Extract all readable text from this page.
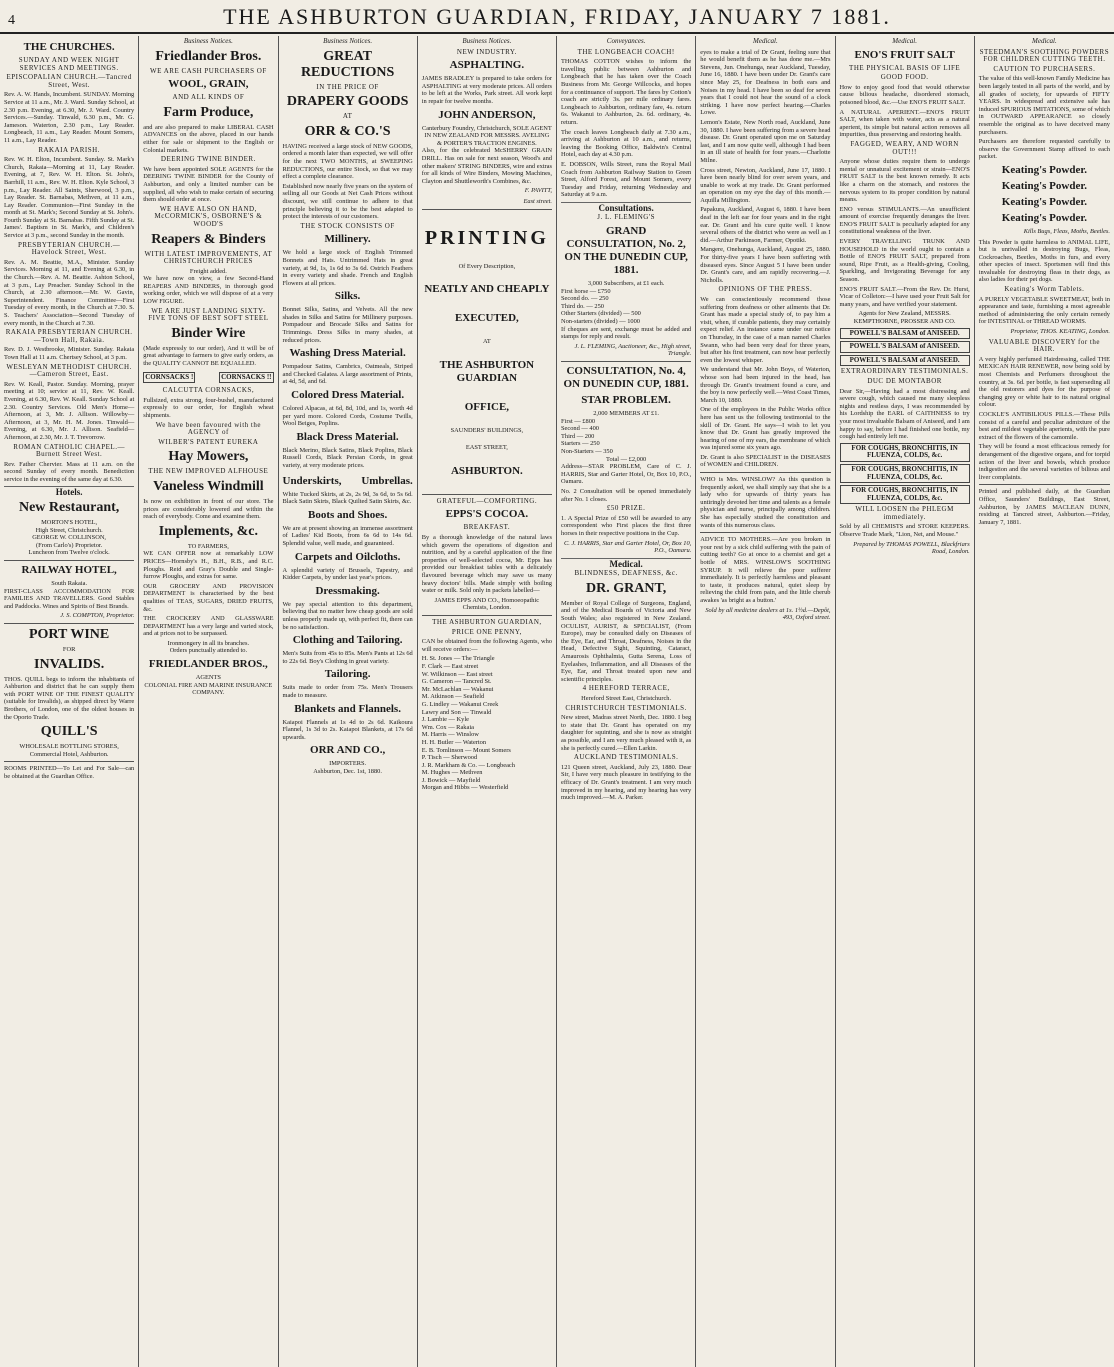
4	THE ASHBURTON GUARDIAN, FRIDAY, JANUARY 7 1881.
THE CHURCHES.
SUNDAY AND WEEK NIGHT SERVICES AND MEETINGS.
EPISCOPALIAN CHURCH.—Tancred Street, West.

Rev. A. W. Hands, Incumbent. SUNDAY. Morning Service at 11 a.m., Mr. J. Ward. Sunday School, at 2.30 p.m. Evening, at 6.30, Mr. J. Ward. Country Services.—Sunday. Tinwald, 6.30 p.m., Mr. G. Jameson. Waterton, 2.30 p.m., Lay Reader. Longbeach, 11 a.m., Lay Reader. Mount Somers, 11 a.m., Lay Reader.

RAKAIA PARISH.

Rev. W. H. Elton, Incumbent. Sunday. St. Mark's Church, Rakaia—Morning at 11, Lay Reader. Evening, at 7, Rev. W. H. Elton. St. John's, Barrhill, 11 a.m., Rev. W. H. Elton. Kyle School, 3 p.m., Lay Reader. All Saints, Sherwood, 3 p.m., Lay Reader. St. Barnabas, Methven, at 11 a.m., Lay Reader. Communion—First Sunday in the month at St. Mark's; Second Sunday at St. John's. Fourth Sunday at St. Barnabas. Fifth Sunday at St. James'. Baptism in St. Mark's, and Children's Service at 3 p.m., second Sunday in the month.

PRESBYTERIAN CHURCH.—Havelock Street, West.

Rev. A. M. Beattie, M.A., Minister. Sunday Services. Morning at 11, and Evening at 6.30, in the Church.—Rev. A. M. Beattie. Ashton School, at 3 p.m., Lay Preacher. Sunday School in the Church, at 2.30 afternoon.—Mr. W. Gavin, Superintendent. Finance Committee—First Tuesday of every month, in the Church at 7.30. S. S. Teachers' Association—Second Tuesday of every month, in the Church at 7.30.

RAKAIA PRESBYTERIAN CHURCH.—Town Hall, Rakaia.

Rev. D. J. Westbrooke, Minister. Sunday. Rakaia Town Hall at 11 a.m. Chertsey School, at 3 p.m.

WESLEYAN METHODIST CHURCH.—Cameron Street, East.

Rev. W. Keall, Pastor. Sunday. Morning, prayer meeting at 10; service at 11, Rev. W. Keall. Evening, at 6.30, Rev. W. Keall. Sunday School at 2.30. Country Services. Old Men's Home—Afternoon, at 3, Mr. J. Allison. Willowby—Afternoon, at 3, Mr. H. M. Jones. Tinwald—Evening, at 6.30, Mr. J. Allison. Seafield—Afternoon, at 2.30, Mr. J. T. Trevorrow.

ROMAN CATHOLIC CHAPEL.—Burnett Street West.

Rev. Father Chervier. Mass at 11 a.m. on the second Sunday of every month. Benediction service in the evening of the same day at 6.30.

Hotels.
New Restaurant,
MORTON'S HOTEL,
High Street, Christchurch.
GEORGE W. COLLINSON,
(From Carlo's) Proprietor.
Luncheon from Twelve o'clock.
RAILWAY HOTEL,
South Rakaia.

FIRST-CLASS ACCOMMODATION FOR FAMILIES AND TRAVELLERS. Good Stables and Paddocks. Wines and Spirits of Best Brands.

J. S. COMPTON, Proprietor.
PORT WINE
FOR
INVALIDS.

THOS. QUILL begs to inform the inhabitants of Ashburton and district that he can supply them with PORT WINE OF THE FINEST QUALITY (suitable for Invalids), as shipped direct by Warre Brothers, of London, one of the oldest houses in the Oporto Trade.

QUILL'S
WHOLESALE BOTTLING STORES, Commercial Hotel, Ashburton.

ROOMS PRINTED—To Let and For Sale—can be obtained at the Guardian Office.

Business Notices.
Friedlander Bros.
WE ARE CASH PURCHASERS OF
WOOL, GRAIN,
AND ALL KINDS OF
Farm Produce,

and are also prepared to make LIBERAL CASH ADVANCES on the above, placed in our hands either for sale or shipment to the English or Colonial markets.

DEERING TWINE BINDER.

We have been appointed SOLE AGENTS for the DEERING TWINE BINDER for the County of Ashburton, and only a limited number can be supplied, all who wish to make certain of securing them should order at once.

WE HAVE ALSO ON HAND, McCORMICK'S, OSBORNE'S & WOOD'S
Reapers & Binders
WITH LATEST IMPROVEMENTS, AT CHRISTCHURCH PRICES
Freight added.

We have now on view, a few Second-Hand REAPERS AND BINDERS, in thorough good working order, which we will dispose of at a very LOW FIGURE.

WE ARE JUST LANDING SIXTY-FIVE TONS OF BEST SOFT STEEL
Binder Wire

(Made expressly to our order), And it will be of great advantage to farmers to give early orders, as the QUALITY CANNOT BE EQUALLED.

CORNSACKS !	CORNSACKS !!
CALCUTTA CORNSACKS,

Fullsized, extra strong, four-bushel, manufactured expressly to our order, for English wheat shipments.

We have been favoured with the AGENCY of
WILBER'S PATENT EUREKA
Hay Mowers,
THE NEW IMPROVED ALFHOUSE
Vaneless Windmill

Is now on exhibition in front of our store. The prices are considerably lowered and within the reach of everybody. Come and examine them.

Implements, &c.
TO FARMERS,

WE CAN OFFER now at remarkably LOW PRICES—Hornsby's H., B.H., R.B., and R.C. Ploughs. Reid and Gray's Double and Single-furrow Ploughs, and extras for same.

OUR GROCERY AND PROVISION DEPARTMENT is characterised by the best qualities of TEAS, SUGARS, DRIED FRUITS, &c.

THE CROCKERY AND GLASSWARE DEPARTMENT has a very large and varied stock, and at prices not to be surpassed.

Ironmongery in all its branches.
Orders punctually attended to.
FRIEDLANDER BROS.,
AGENTS
COLONIAL FIRE AND MARINE INSURANCE COMPANY.
Business Notices.
GREAT REDUCTIONS
IN THE PRICE OF
DRAPERY GOODS
AT
ORR & CO.'S

HAVING received a large stock of NEW GOODS, ordered a month later than expected, we will offer for the next TWO MONTHS, at SWEEPING REDUCTIONS, our entire Stock, so that we may effect a complete clearance.

Established now nearly five years on the system of selling all our Goods at Net Cash Prices without discount, we still continue to adhere to that principle believing it to be the best adapted to protect the interests of our customers.

THE STOCK CONSISTS OF
Millinery.

We hold a large stock of English Trimmed Bonnets and Hats. Untrimmed Hats in great variety, at 9d, 1s, 1s 6d to 3s 6d. Ostrich Feathers in every variety and shade. French and English Flowers at all prices.

Silks.

Bonnet Silks, Satins, and Velvets. All the new shades in Silks and Satins for Millinery purposes. Pompadour and Brocade Silks and Satins for Trimmings. Dress Silks in many shades, at reduced prices.

Washing Dress Material.

Pompadour Satins, Cambrics, Oatmeals, Striped and Checked Galatea. A large assortment of Prints, at 4d, 5d, and 6d.

Colored Dress Material.

Colored Alpacas, at 6d, 8d, 10d, and 1s, worth 4d per yard more. Colored Cords, Costume Twills, Wool Beiges, Poplins.

Black Dress Material.

Black Merino, Black Satins, Black Poplins, Black Russell Cords, Black Persian Cords, in great variety, at very moderate prices.

Underskirts, Umbrellas.

White Tucked Skirts, at 2s, 2s 9d, 3s 6d, to 5s 6d. Black Satin Skirts, Black Quilted Satin Skirts, &c.

Boots and Shoes.

We are at present showing an immense assortment of Ladies' Kid Boots, from 6s 6d to 14s 6d. Splendid value, well made, and guaranteed.

Carpets and Oilcloths.

A splendid variety of Brussels, Tapestry, and Kidder Carpets, by under last year's prices.

Dressmaking.

We pay special attention to this department, believing that no matter how cheap goods are sold unless properly made up, with perfect fit, there can be no satisfaction.

Clothing and Tailoring.

Men's Suits from 45s to 85s. Men's Pants at 12s 6d to 22s 6d. Boy's Clothing in great variety.

Tailoring.

Suits made to order from 75s. Men's Trousers made to measure.

Blankets and Flannels.

Kaiapoi Flannels at 1s 4d to 2s 6d. Kaikoura Flannel, 1s 3d to 2s. Kaiapoi Blankets, at 17s 6d upwards.

ORR AND CO.,
IMPORTERS.
Ashburton, Dec. 1st, 1880.
Business Notices.
NEW INDUSTRY.
ASPHALTING.

JAMES BRADLEY is prepared to take orders for ASPHALTING at very moderate prices. All orders to be left at the Works, Park street. All work kept in repair for twelve months.

JOHN ANDERSON,
Canterbury Foundry, Christchurch, SOLE AGENT IN NEW ZEALAND FOR MESSRS. AVELING & PORTER'S TRACTION ENGINES.

Also, for the celebrated McSHERRY GRAIN DRILL. Has on sale for next season, Wood's and other makers' STRING BINDERS, wire and extras for all kinds of Wire Binders, Mowing Machines, Clayton and Shuttleworth's Combines, &c.

F. PAVITT,
East street.
PRINTING
Of Every Description,
NEATLY AND CHEAPLY
EXECUTED,
AT
THE ASHBURTON GUARDIAN
OFFICE,
SAUNDERS' BUILDINGS,
EAST STREET,
ASHBURTON.
GRATEFUL—COMFORTING.
EPPS'S COCOA.
BREAKFAST.

By a thorough knowledge of the natural laws which govern the operations of digestion and nutrition, and by a careful application of the fine properties of well-selected cocoa, Mr. Epps has provided our breakfast tables with a delicately flavoured beverage which may save us many heavy doctors' bills. Made simply with boiling water or milk. Sold only in packets labelled—

JAMES EPPS AND CO., Homoeopathic Chemists, London.
THE ASHBURTON GUARDIAN,
PRICE ONE PENNY,

CAN be obtained from the following Agents, who will receive orders:—

H. St. Jones — The Triangle
F. Clark — East street
W. Wilkinson — East street
G. Cameron — Tancred St.
Mr. McLachlan — Wakanui
M. Atkinson — Seafield
G. Lindley — Wakanui Creek
Lawry and Son — Tinwald
J. Lambie — Kyle
Wm. Cox — Rakaia
M. Harris — Winslow
H. H. Butler — Waterton
E. B. Tomlinson — Mount Somers
P. Tisch — Sherwood
J. R. Markham & Co. — Longbeach
M. Hughes — Methven
J. Bowick — Mayfield
Morgan and Hibbs — Westerfield
Conveyances.
THE LONGBEACH COACH!

THOMAS COTTON wishes to inform the travelling public between Ashburton and Longbeach that he has taken over the Coach Business from Mr. George Willcocks, and hopes for a continuance of support. The fares by Cotton's coach are strictly 3s. per mile ordinary fares. Longbeach to Ashburton, ordinary fare, 4s. return 6s. Wakanui to Ashburton, 2s. 6d. ordinary, 4s. return.

The coach leaves Longbeach daily at 7.30 a.m., arriving at Ashburton at 10 a.m., and returns, leaving the Booking Office, Baldwin's Central Hotel, each day at 4.30 p.m.

E. DOBSON, Wills Street, runs the Royal Mail Coach from Ashburton Railway Station to Green Street, Alford Forest, and Mount Somers, every Tuesday and Friday, returning Wednesday and Saturday at 9 a.m.

Consultations.
J. L. FLEMING'S
GRAND CONSULTATION, No. 2, ON THE DUNEDIN CUP, 1881.
3,000 Subscribers, at £1 each.
First horse — £750
Second do. — 250
Third do. — 250
Other Starters (divided) — 500
Non-starters (divided) — 1000

If cheques are sent, exchange must be added and stamps for reply and result.

J. L. FLEMING, Auctioneer, &c., High street, Triangle.
CONSULTATION, No. 4, ON DUNEDIN CUP, 1881.
STAR PROBLEM.
2,000 MEMBERS AT £1.
First — £800
Second — 400
Third — 200
Starters — 250
Non-Starters — 350
Total — £2,000

Address—STAR PROBLEM, Care of C. J. HARRIS, Star and Garter Hotel, Or, Box 10, P.O., Oamaru.

No. 2 Consultation will be opened immediately after No. 1 closes.

£50 PRIZE.

1. A Special Prize of £50 will be awarded to any correspondent who First places the first three horses in their respective positions in the Cup.

C. J. HARRIS, Star and Garter Hotel, Or, Box 10, P.O., Oamaru.
Medical.
BLINDNESS, DEAFNESS, &c.
DR. GRANT,

Member of Royal College of Surgeons, England, and of the Medical Boards of Victoria and New South Wales; also registered in New Zealand. OCULIST, AURIST, & SPECIALIST, (From Europe), may be consulted daily on Diseases of the Eye, Ear, and Throat, Deafness, Noises in the Head, Defective Sight, Squinting, Cataract, Amaurosis Ophthalmia, Gutta Serena, Loss of Eyelashes, Inflammation, and all Diseases of the Eye, Ear, and Throat treated upon new and scientific principles.

4 HEREFORD TERRACE,
Hereford Street East, Christchurch.
CHRISTCHURCH TESTIMONIALS.

New street, Madras street North, Dec. 1880. I beg to state that Dr. Grant has operated on my daughter for squinting, and she is now as straight as possible, and I am very much pleased with it, as she is perfectly cured.—Ellen Larkin.

AUCKLAND TESTIMONIALS.

121 Queen street, Auckland, July 23, 1880. Dear Sir, I have very much pleasure in testifying to the efficacy of Dr. Grant's treatment. I am very much improved in my hearing, and my hearing has very much improved.—M. A. Parker.

Medical.

eyes to make a trial of Dr Grant, feeling sure that he would benefit them as he has done me.—Mrs Stevens, Jun. Onehunga, near Auckland, Tuesday, June 16, 1880. I have been under Dr. Grant's care since May 25, for Deafness in both ears and Noises in my head. I have been so deaf for seven years that I could not hear the sound of a clock striking. I have now perfect hearing.—Charles Lowe.

Lemon's Estate, New North road, Auckland, June 30, 1880. I have been suffering from a severe head disease. Dr. Grant operated upon me on Saturday last, and I am now quite well, although I had been in an ill state of health for four years.—Charlotte Milne.

Cross street, Newton, Auckland, June 17, 1880. I have been nearly blind for over seven years, and unable to work at my trade. Dr. Grant performed an operation on my eye the day of this month.—Aquilla Millington.

Papakura, Auckland, August 6, 1880. I have been deaf in the left ear for four years and in the right ear. Dr. Grant and his cure quite well. I know several others of the district who were as well as I did.—Arthur Parkinson, Farmer, Opotiki.

Mangere, Onehunga, Auckland, August 25, 1880. For thirty-five years I have been suffering with diseased eyes. Since August 5 I have been under Dr. Grant's care, and am rapidly recovering.—J. Nicholls.

OPINIONS OF THE PRESS.

We can conscientiously recommend those suffering from deafness or other ailments that Dr. Grant has made a special study of, to pay him a visit, when, if curable patients, they may certainly expect relief. An instance came under our notice on Thursday, in the case of a man named Charles Swann, who had been very deaf for three years, but after his first treatment, can now hear perfectly even the lowest whisper.

We understand that Mr. John Boys, of Waterton, whose son had been injured in the head, has through Dr. Grant's treatment found a cure, and the boy is now perfectly well.—West Coast Times, March 10, 1880.

One of the employees in the Public Works office here has sent us the following testimonial to the skill of Dr. Grant. He says—I wish to let you know that Dr. Grant has greatly improved the hearing of one of my ears, the membrane of which was injured some six years ago.

Dr. Grant is also SPECIALIST in the DISEASES of WOMEN and CHILDREN.

WHO is Mrs. WINSLOW? As this question is frequently asked, we shall simply say that she is a lady who for upwards of thirty years has untiringly devoted her time and talents as a female physician and nurse, principally among children. She has especially studied the constitution and wants of this numerous class.

ADVICE TO MOTHERS.—Are you broken in your rest by a sick child suffering with the pain of cutting teeth? Go at once to a chemist and get a bottle of MRS. WINSLOW'S SOOTHING SYRUP. It will relieve the poor sufferer immediately. It is perfectly harmless and pleasant to taste, it produces natural, quiet sleep by relieving the child from pain, and the little cherub awakes 'as bright as a button.'

Sold by all medicine dealers at 1s. 1½d.—Depôt, 493, Oxford street.
Medical.
ENO'S FRUIT SALT
THE PHYSICAL BASIS OF LIFE
GOOD FOOD.

How to enjoy good food that would otherwise cause bilious headache, disordered stomach, poisoned blood, &c.—Use ENO'S FRUIT SALT.

A NATURAL APERIENT.—ENO'S FRUIT SALT, when taken with water, acts as a natural aperient, its simple but natural action removes all impurities, thus preserving and restoring health.

FAGGED, WEARY, AND WORN OUT!!!

Anyone whose duties require them to undergo mental or unnatural excitement or strain—ENO'S FRUIT SALT is the best known remedy. It acts like a charm on the stomach, and restores the nervous system to its proper condition by natural means.

ENO versus STIMULANTS.—An unsufficient amount of exercise frequently deranges the liver. ENO'S FRUIT SALT is peculiarly adapted for any constitutional weakness of the liver.

EVERY TRAVELLING TRUNK AND HOUSEHOLD in the world ought to contain a Bottle of ENO'S FRUIT SALT, prepared from sound, Ripe Fruit, as a Health-giving, Cooling, Sparkling, and Invigorating Beverage for any Season.

ENO'S FRUIT SALT.—From the Rev. Dr. Hurst, Vicar of Colleton:—I have used your Fruit Salt for many years, and have verified your statement.

Agents for New Zealand, MESSRS. KEMPTHORNE, PROSSER AND CO.
POWELL'S BALSAM of ANISEED.
POWELL'S BALSAM of ANISEED.
POWELL'S BALSAM of ANISEED.
EXTRAORDINARY TESTIMONIALS.
DUC DE MONTABOR

Dear Sir,—Having had a most distressing and severe cough, which caused me many sleepless nights and restless days, I was recommended by his Lordship the EARL of CAITHNESS to try your most invaluable Balsam of Aniseed, and I am happy to say, before I had finished one bottle, my cough had entirely left me.

FOR COUGHS, BRONCHITIS, IN FLUENZA, COLDS, &c.
FOR COUGHS, BRONCHITIS, IN FLUENZA, COLDS, &c.
FOR COUGHS, BRONCHITIS, IN FLUENZA, COLDS, &c.
WILL LOOSEN the PHLEGM immediately.

Sold by all CHEMISTS and STORE KEEPERS. Observe Trade Mark, "Lion, Net, and Mouse."

Prepared by THOMAS POWELL, Blackfriars Road, London.
Medical.
STEEDMAN'S SOOTHING POWDERS FOR CHILDREN CUTTING TEETH.
CAUTION TO PURCHASERS.

The value of this well-known Family Medicine has been largely tested in all parts of the world, and by all grades of society, for upwards of FIFTY YEARS. In widespread and extensive sale has induced SPURIOUS IMITATIONS, some of which in OUTWARD APPEARANCE so closely resemble the original as to have deceived many purchasers.

Purchasers are therefore requested carefully to observe the Government Stamp affixed to each packet.

Keating's Powder.
Keating's Powder.
Keating's Powder.
Keating's Powder.
Kills Bugs, Fleas, Moths, Beetles.

This Powder is quite harmless to ANIMAL LIFE, but is unrivalled in destroying Bugs, Fleas, Cockroaches, Beetles, Moths in furs, and every other species of insect. Sportsmen will find this invaluable for destroying fleas in their dogs, as also ladies for their pet dogs.

Keating's Worm Tablets.

A PURELY VEGETABLE SWEETMEAT, both in appearance and taste, furnishing a most agreeable method of administering the only certain remedy for INTESTINAL or THREAD WORMS.

Proprietor, THOS. KEATING, London.
VALUABLE DISCOVERY for the HAIR.

A very highly perfumed Hairdressing, called THE MEXICAN HAIR RENEWER, now being sold by most Chemists and Perfumers throughout the country, at 3s. 6d. per bottle, is fast superseding all the old restorers and dyes for the purpose of changing grey or white hair to its natural original colour.

COCKLE'S ANTIBILIOUS PILLS.—These Pills consist of a careful and peculiar admixture of the best and mildest vegetable aperients, with the pure extract of the flowers of the camomile.

They will be found a most efficacious remedy for derangement of the digestive organs, and for torpid action of the liver and bowels, which produce indigestion and the several varieties of bilious and liver complaints.

Printed and published daily, at the Guardian Office, Saunders' Buildings, East Street, Ashburton, by JAMES MACLEAN DUNN, residing at Tancred street, Ashburton.—Friday, January 7, 1881.
